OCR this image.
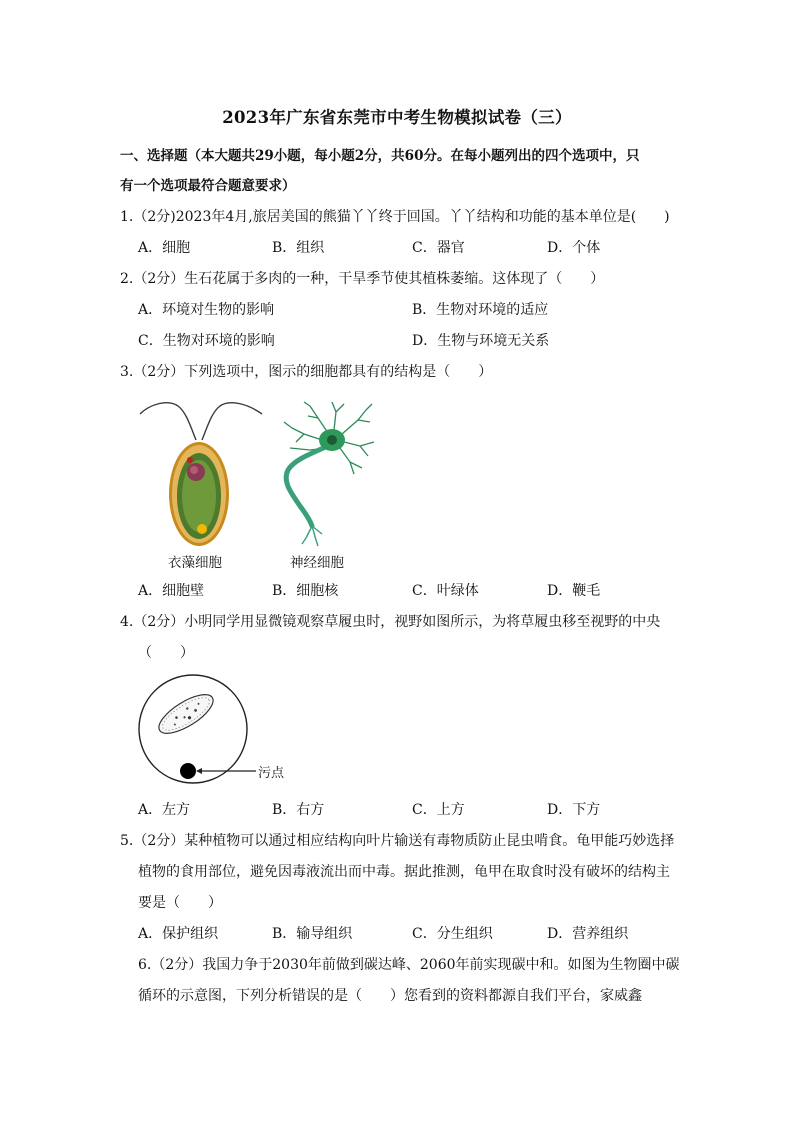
2023年广东省东莞市中考生物模拟试卷（三）
一、选择题（本大题共29小题，每小题2分，共60分。在每小题列出的四个选项中，只
有一个选项最符合题意要求）
1.（2分)2023年4月,旅居美国的熊猫丫丫终于回国。丫丫结构和功能的基本单位是(　　)
A．细胞	B．组织	C．器官	D．个体
2.（2分）生石花属于多肉的一种，干旱季节使其植株萎缩。这体现了（　　）
A．环境对生物的影响	B．生物对环境的适应
C．生物对环境的影响	D．生物与环境无关系
3.（2分）下列选项中，图示的细胞都具有的结构是（　　）
衣藻细胞	神经细胞
A．细胞壁	B．细胞核	C．叶绿体	D．鞭毛
4.（2分）小明同学用显微镜观察草履虫时，视野如图所示，为将草履虫移至视野的中央
（　　）
污点
A．左方	B．右方	C．上方	D．下方
5.（2分）某种植物可以通过相应结构向叶片输送有毒物质防止昆虫啃食。龟甲能巧妙选择
植物的食用部位，避免因毒液流出而中毒。据此推测，龟甲在取食时没有破坏的结构主
要是（　　）
A．保护组织	B．输导组织	C．分生组织	D．营养组织
6.（2分）我国力争于2030年前做到碳达峰、2060年前实现碳中和。如图为生物圈中碳
循环的示意图，下列分析错误的是（　　）您看到的资料都源自我们平台，家威鑫
